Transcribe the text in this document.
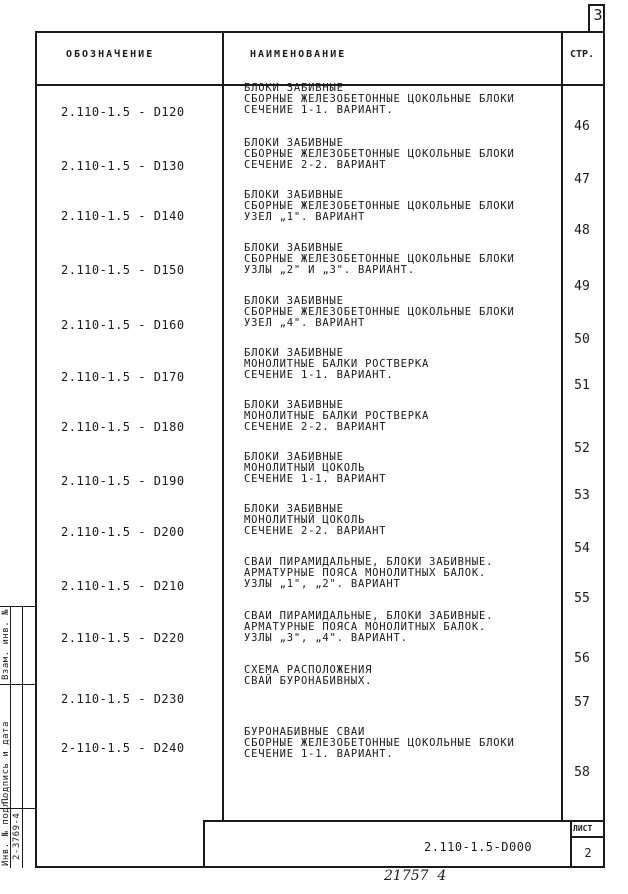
3
ОБОЗНАЧЕНИЕ	НАИМЕНОВАНИЕ	СТР.
2.110-1.5 - D120
БЛОКИ ЗАБИВНЫЕ
СБОРНЫЕ ЖЕЛЕЗОБЕТОННЫЕ ЦОКОЛЬНЫЕ БЛОКИ
СЕЧЕНИЕ 1-1. ВАРИАНТ.
46
2.110-1.5 - D130
БЛОКИ ЗАБИВНЫЕ
СБОРНЫЕ ЖЕЛЕЗОБЕТОННЫЕ ЦОКОЛЬНЫЕ БЛОКИ
СЕЧЕНИЕ 2-2. ВАРИАНТ
47
2.110-1.5 - D140
БЛОКИ ЗАБИВНЫЕ
СБОРНЫЕ ЖЕЛЕЗОБЕТОННЫЕ ЦОКОЛЬНЫЕ БЛОКИ
УЗЕЛ „1". ВАРИАНТ
48
2.110-1.5 - D150
БЛОКИ ЗАБИВНЫЕ
СБОРНЫЕ ЖЕЛЕЗОБЕТОННЫЕ ЦОКОЛЬНЫЕ БЛОКИ
УЗЛЫ „2" И „3". ВАРИАНТ.
49
2.110-1.5 - D160
БЛОКИ ЗАБИВНЫЕ
СБОРНЫЕ ЖЕЛЕЗОБЕТОННЫЕ ЦОКОЛЬНЫЕ БЛОКИ
УЗЕЛ „4". ВАРИАНТ
50
2.110-1.5 - D170
БЛОКИ ЗАБИВНЫЕ
МОНОЛИТНЫЕ БАЛКИ РОСТВЕРКА
СЕЧЕНИЕ 1-1. ВАРИАНТ.
51
2.110-1.5 - D180
БЛОКИ ЗАБИВНЫЕ
МОНОЛИТНЫЕ БАЛКИ РОСТВЕРКА
СЕЧЕНИЕ 2-2. ВАРИАНТ
52
2.110-1.5 - D190
БЛОКИ ЗАБИВНЫЕ
МОНОЛИТНЫЙ ЦОКОЛЬ
СЕЧЕНИЕ 1-1. ВАРИАНТ
53
2.110-1.5 - D200
БЛОКИ ЗАБИВНЫЕ
МОНОЛИТНЫЙ ЦОКОЛЬ
СЕЧЕНИЕ 2-2. ВАРИАНТ
54
2.110-1.5 - D210
СВАИ ПИРАМИДАЛЬНЫЕ, БЛОКИ ЗАБИВНЫЕ.
АРМАТУРНЫЕ ПОЯСА МОНОЛИТНЫХ БАЛОК.
УЗЛЫ „1", „2". ВАРИАНТ
55
2.110-1.5 - D220
СВАИ ПИРАМИДАЛЬНЫЕ, БЛОКИ ЗАБИВНЫЕ.
АРМАТУРНЫЕ ПОЯСА МОНОЛИТНЫХ БАЛОК.
УЗЛЫ „3", „4". ВАРИАНТ.
56
2.110-1.5 - D230
СХЕМА РАСПОЛОЖЕНИЯ
СВАЙ БУРОНАБИВНЫХ.
57
2-110-1.5 - D240
БУРОНАБИВНЫЕ СВАИ
СБОРНЫЕ ЖЕЛЕЗОБЕТОННЫЕ ЦОКОЛЬНЫЕ БЛОКИ
СЕЧЕНИЕ 1-1. ВАРИАНТ.
58
2.110-1.5-D000
ЛИСТ
2
21757  4
Взам. инв. №
Подпись и дата
Инв. № подл. 2-3769-4
